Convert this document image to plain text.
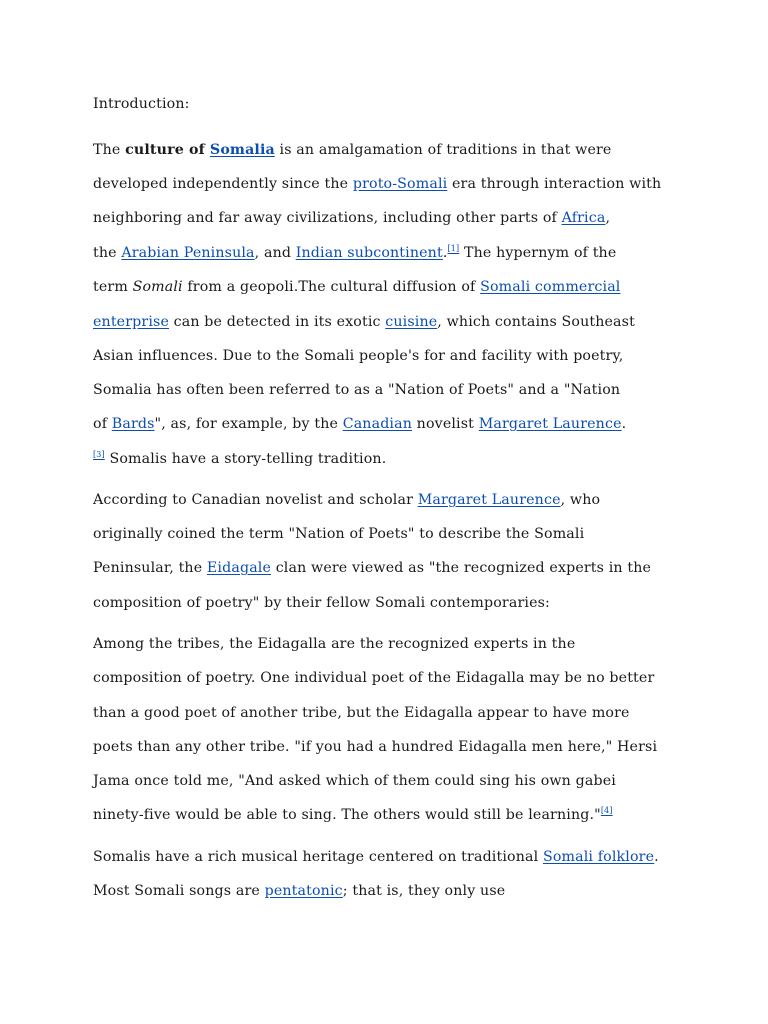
Introduction:
The culture of Somalia is an amalgamation of traditions in that were
developed independently since the proto-Somali era through interaction with
neighboring and far away civilizations, including other parts of Africa,
the Arabian Peninsula, and Indian subcontinent.[1] The hypernym of the
term Somali from a geopoli.The cultural diffusion of Somali commercial
enterprise can be detected in its exotic cuisine, which contains Southeast
Asian influences. Due to the Somali people's for and facility with poetry,
Somalia has often been referred to as a "Nation of Poets" and a "Nation
of Bards", as, for example, by the Canadian novelist Margaret Laurence.
[3] Somalis have a story-telling tradition.
According to Canadian novelist and scholar Margaret Laurence, who
originally coined the term "Nation of Poets" to describe the Somali
Peninsular, the Eidagale clan were viewed as "the recognized experts in the
composition of poetry" by their fellow Somali contemporaries:
Among the tribes, the Eidagalla are the recognized experts in the
composition of poetry. One individual poet of the Eidagalla may be no better
than a good poet of another tribe, but the Eidagalla appear to have more
poets than any other tribe. "if you had a hundred Eidagalla men here," Hersi
Jama once told me, "And asked which of them could sing his own gabei
ninety-five would be able to sing. The others would still be learning."[4]
Somalis have a rich musical heritage centered on traditional Somali folklore.
Most Somali songs are pentatonic; that is, they only use
